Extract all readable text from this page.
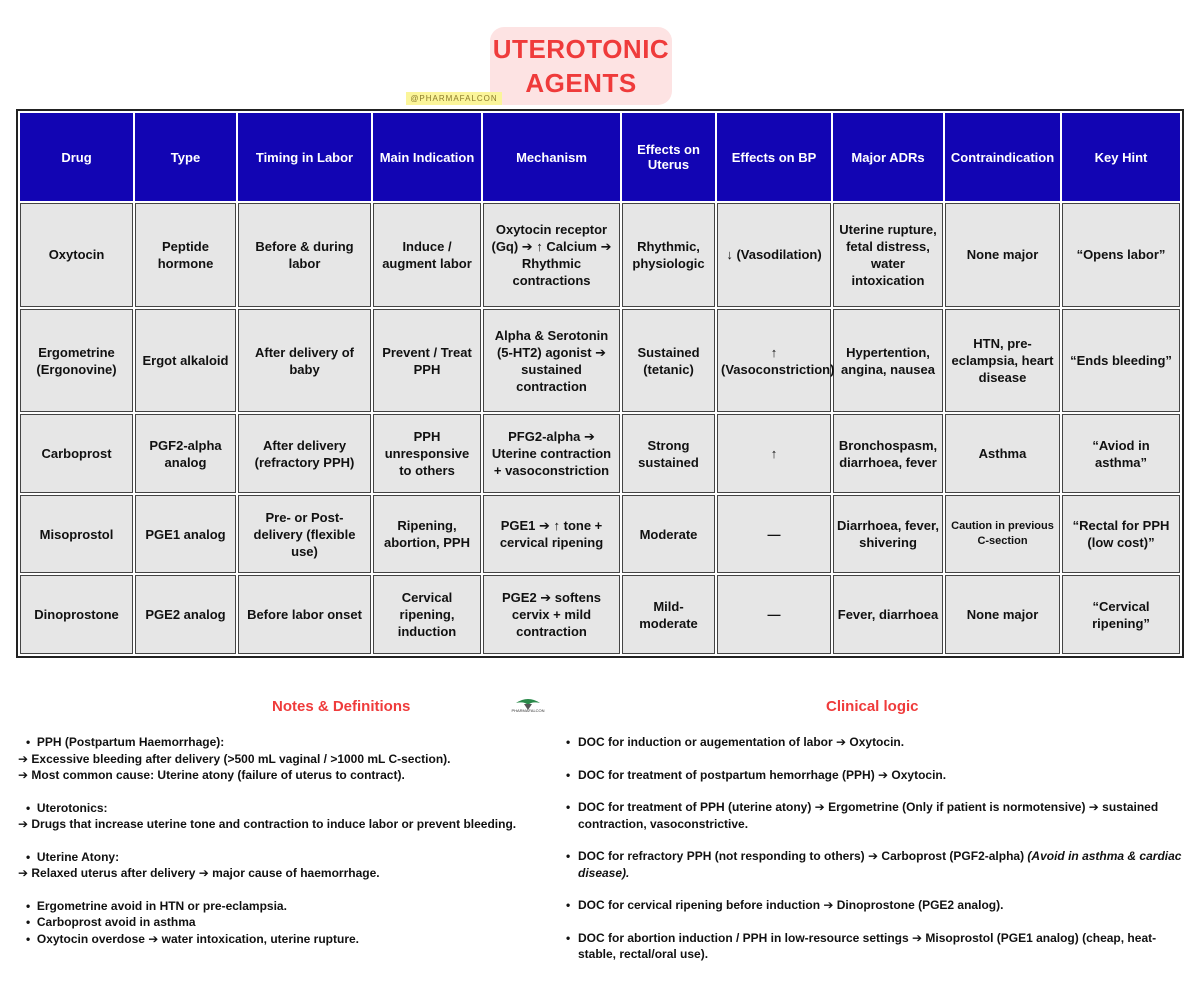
UTEROTONIC
AGENTS
@PHARMAFALCON
Drug	Type	Timing in Labor	Main Indication	Mechanism	Effects on Uterus	Effects on BP	Major ADRs	Contraindication	Key Hint
Oxytocin	Peptide hormone	Before & during labor	Induce / augment labor	Oxytocin receptor (Gq) ➔ ↑ Calcium ➔ Rhythmic contractions	Rhythmic, physiologic	↓ (Vasodilation)	Uterine rupture, fetal distress, water intoxication	None major	“Opens labor”
Ergometrine (Ergonovine)	Ergot alkaloid	After delivery of baby	Prevent / Treat PPH	Alpha & Serotonin (5-HT2) agonist ➔ sustained contraction	Sustained (tetanic)	↑ (Vasoconstriction)	Hypertention, angina, nausea	HTN, pre-eclampsia, heart disease	“Ends bleeding”
Carboprost	PGF2-alpha analog	After delivery (refractory PPH)	PPH unresponsive to others	PFG2-alpha ➔ Uterine contraction + vasoconstriction	Strong sustained	↑	Bronchospasm, diarrhoea, fever	Asthma	“Aviod in asthma”
Misoprostol	PGE1 analog	Pre- or Post-delivery (flexible use)	Ripening, abortion, PPH	PGE1 ➔ ↑ tone + cervical ripening	Moderate	—	Diarrhoea, fever, shivering	Caution in previous C-section	“Rectal for PPH (low cost)”
Dinoprostone	PGE2 analog	Before labor onset	Cervical ripening, induction	PGE2 ➔ softens cervix + mild contraction	Mild-moderate	—	Fever, diarrhoea	None major	“Cervical ripening”
Notes & Definitions	PHARMAFALCON	Clinical logic
•  PPH (Postpartum Haemorrhage):
➔ Excessive bleeding after delivery (>500 mL vaginal / >1000 mL C-section).
➔ Most common cause: Uterine atony (failure of uterus to contract).
•  Uterotonics:
➔ Drugs that increase uterine tone and contraction to induce labor or prevent bleeding.
•  Uterine Atony:
➔ Relaxed uterus after delivery ➔ major cause of haemorrhage.
•  Ergometrine avoid in HTN or pre-eclampsia.
•  Carboprost avoid in asthma
•  Oxytocin overdose ➔ water intoxication, uterine rupture.
• DOC for induction or augementation of labor ➔ Oxytocin.
• DOC for treatment of postpartum hemorrhage (PPH) ➔ Oxytocin.
• DOC for treatment of PPH (uterine atony) ➔ Ergometrine (Only if patient is normotensive) ➔ sustained contraction, vasoconstrictive.
• DOC for refractory PPH (not responding to others) ➔ Carboprost (PGF2-alpha) (Avoid in asthma & cardiac disease).
• DOC for cervical ripening before induction ➔ Dinoprostone (PGE2 analog).
• DOC for abortion induction / PPH in low-resource settings ➔ Misoprostol (PGE1 analog) (cheap, heat-stable, rectal/oral use).
